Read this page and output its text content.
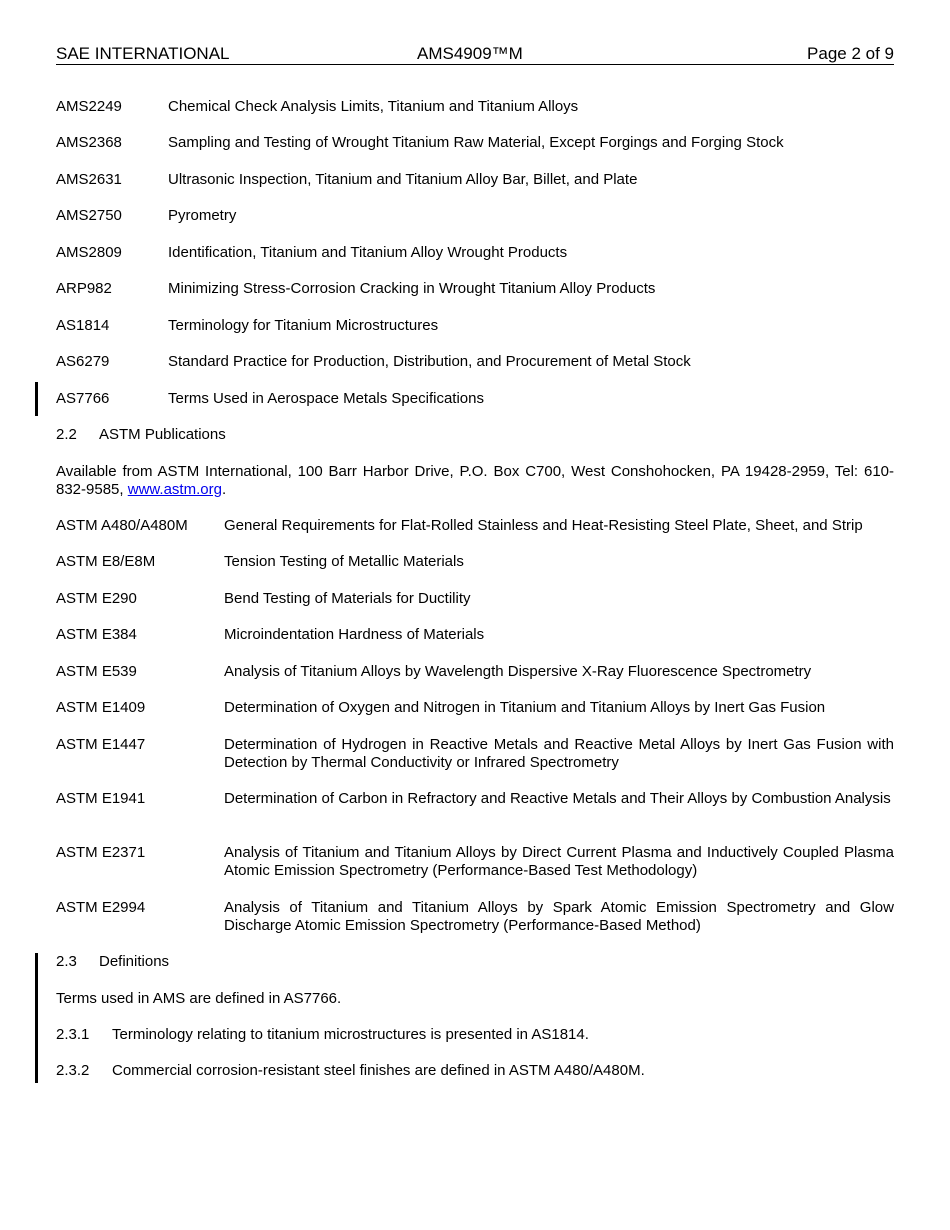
SAE INTERNATIONAL	AMS4909™M	Page 2 of 9
AMS2249	Chemical Check Analysis Limits, Titanium and Titanium Alloys
AMS2368	Sampling and Testing of Wrought Titanium Raw Material, Except Forgings and Forging Stock
AMS2631	Ultrasonic Inspection, Titanium and Titanium Alloy Bar, Billet, and Plate
AMS2750	Pyrometry
AMS2809	Identification, Titanium and Titanium Alloy Wrought Products
ARP982	Minimizing Stress-Corrosion Cracking in Wrought Titanium Alloy Products
AS1814	Terminology for Titanium Microstructures
AS6279	Standard Practice for Production, Distribution, and Procurement of Metal Stock
AS7766	Terms Used in Aerospace Metals Specifications
2.2 ASTM Publications
Available from ASTM International, 100 Barr Harbor Drive, P.O. Box C700, West Conshohocken, PA 19428-2959, Tel: 610-832-9585, www.astm.org.
ASTM A480/A480M General Requirements for Flat-Rolled Stainless and Heat-Resisting Steel Plate, Sheet, and Strip
ASTM E8/E8M	Tension Testing of Metallic Materials
ASTM E290	Bend Testing of Materials for Ductility
ASTM E384	Microindentation Hardness of Materials
ASTM E539	Analysis of Titanium Alloys by Wavelength Dispersive X-Ray Fluorescence Spectrometry
ASTM E1409	Determination of Oxygen and Nitrogen in Titanium and Titanium Alloys by Inert Gas Fusion
ASTM E1447	Determination of Hydrogen in Reactive Metals and Reactive Metal Alloys by Inert Gas Fusion with Detection by Thermal Conductivity or Infrared Spectrometry
ASTM E1941	Determination of Carbon in Refractory and Reactive Metals and Their Alloys by Combustion Analysis
ASTM E2371	Analysis of Titanium and Titanium Alloys by Direct Current Plasma and Inductively Coupled Plasma Atomic Emission Spectrometry (Performance-Based Test Methodology)
ASTM E2994	Analysis of Titanium and Titanium Alloys by Spark Atomic Emission Spectrometry and Glow Discharge Atomic Emission Spectrometry (Performance-Based Method)
2.3 Definitions
Terms used in AMS are defined in AS7766.
2.3.1 Terminology relating to titanium microstructures is presented in AS1814.
2.3.2 Commercial corrosion-resistant steel finishes are defined in ASTM A480/A480M.
